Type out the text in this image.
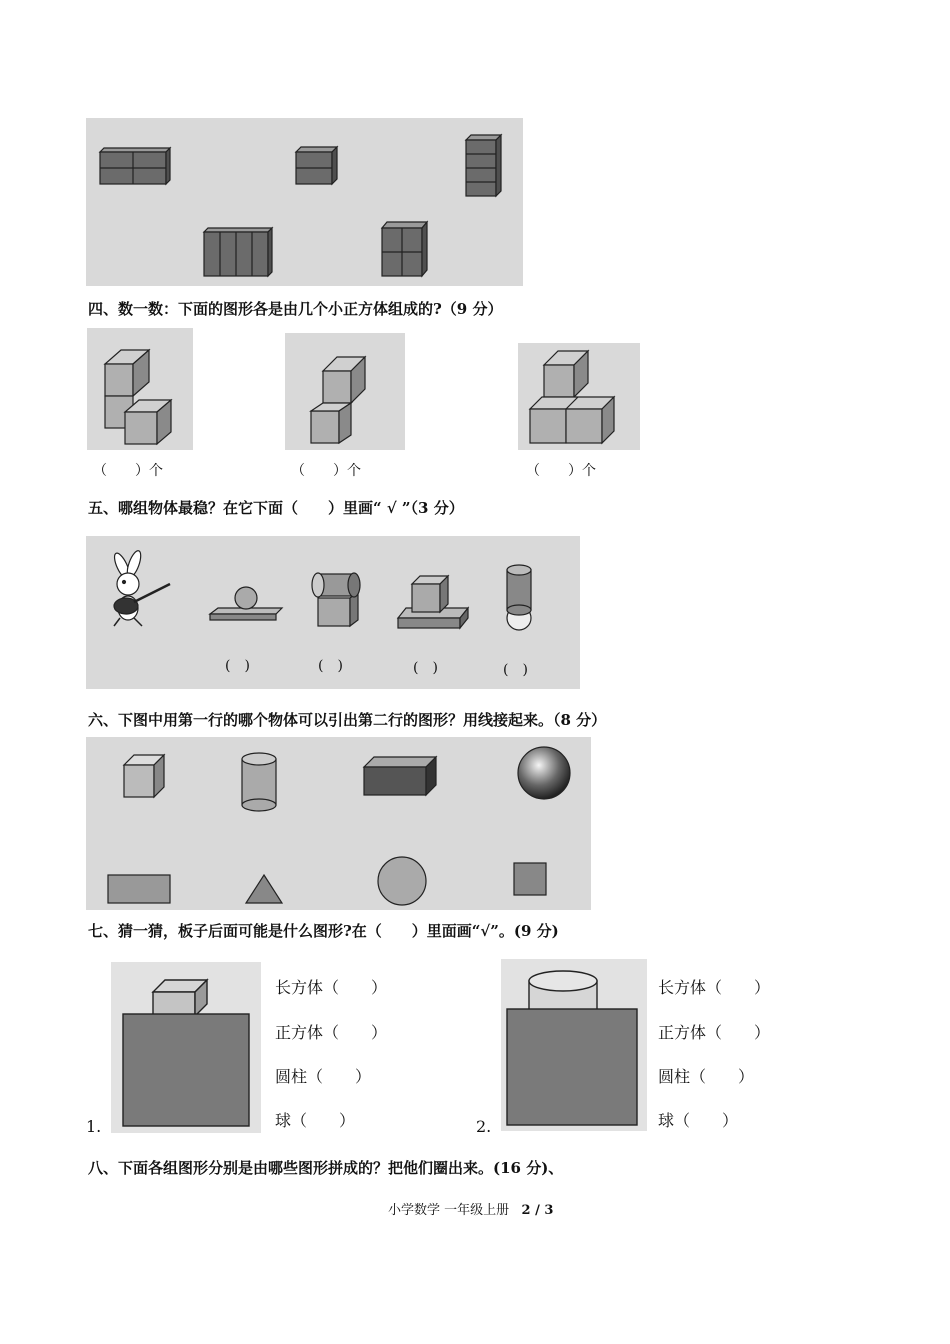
四、数一数：下面的图形各是由几个小正方体组成的?（9 分）
（　　）个	（　　）个	（　　）个
五、哪组物体最稳？在它下面（　　）里画“ √ ”（3 分）
(　)	(　)	(　)	(　)
六、下图中用第一行的哪个物体可以引出第二行的图形？用线接起来。（8 分）
七、猜一猜，板子后面可能是什么图形?在（　　）里面画“√”。(9 分)
1.
长方体（　　）
正方体（　　）
圆柱（　　）
球（　　）	2.
长方体（　　）
正方体（　　）
圆柱（　　）
球（　　）
八、下面各组图形分别是由哪些图形拼成的？把他们圈出来。(16 分)、
小学数学 一年级上册 2 / 3
